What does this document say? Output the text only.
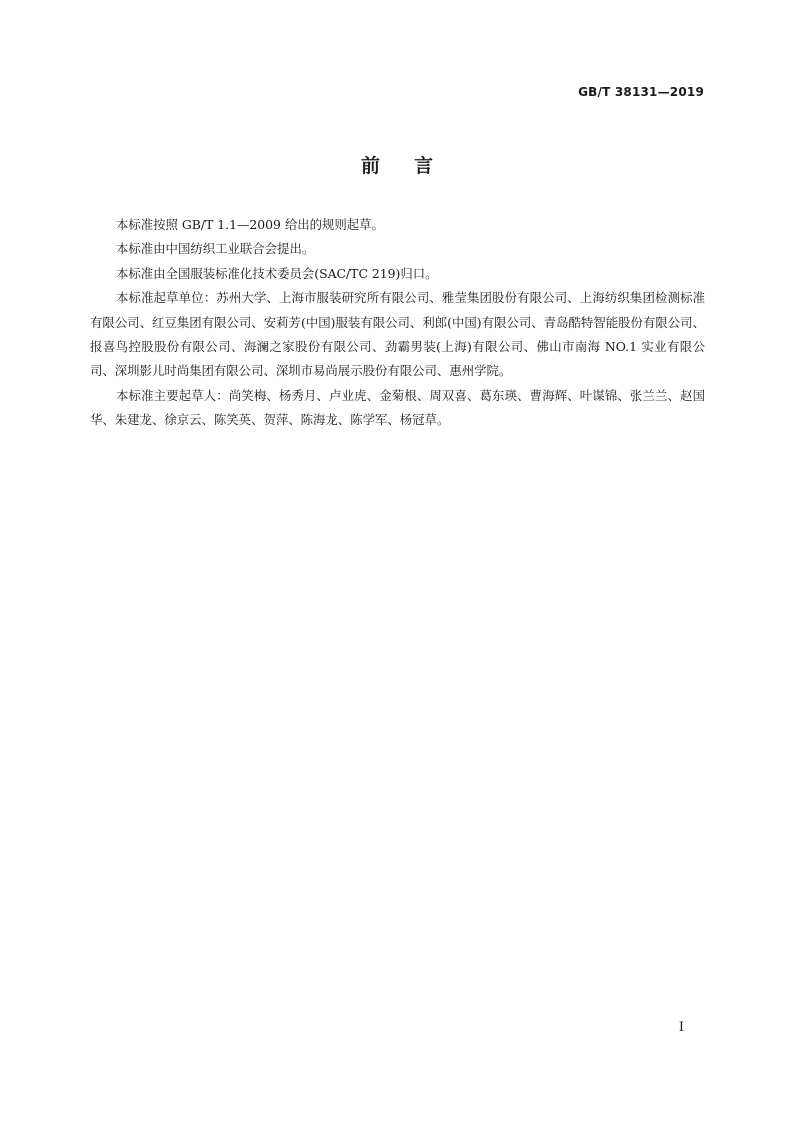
GB/T 38131—2019
前言

本标准按照 GB/T 1.1—2009 给出的规则起草。

本标准由中国纺织工业联合会提出。

本标准由全国服装标准化技术委员会(SAC/TC 219)归口。

本标准起草单位：苏州大学、上海市服装研究所有限公司、雅莹集团股份有限公司、上海纺织集团检测标准有限公司、红豆集团有限公司、安莉芳(中国)服装有限公司、利郎(中国)有限公司、青岛酷特智能股份有限公司、报喜鸟控股股份有限公司、海澜之家股份有限公司、劲霸男装(上海)有限公司、佛山市南海 NO.1 实业有限公司、深圳影儿时尚集团有限公司、深圳市易尚展示股份有限公司、惠州学院。

本标准主要起草人：尚笑梅、杨秀月、卢业虎、金菊根、周双喜、葛东瑛、曹海辉、叶谋锦、张兰兰、赵国华、朱建龙、徐京云、陈笑英、贺萍、陈海龙、陈学军、杨冠草。

I
